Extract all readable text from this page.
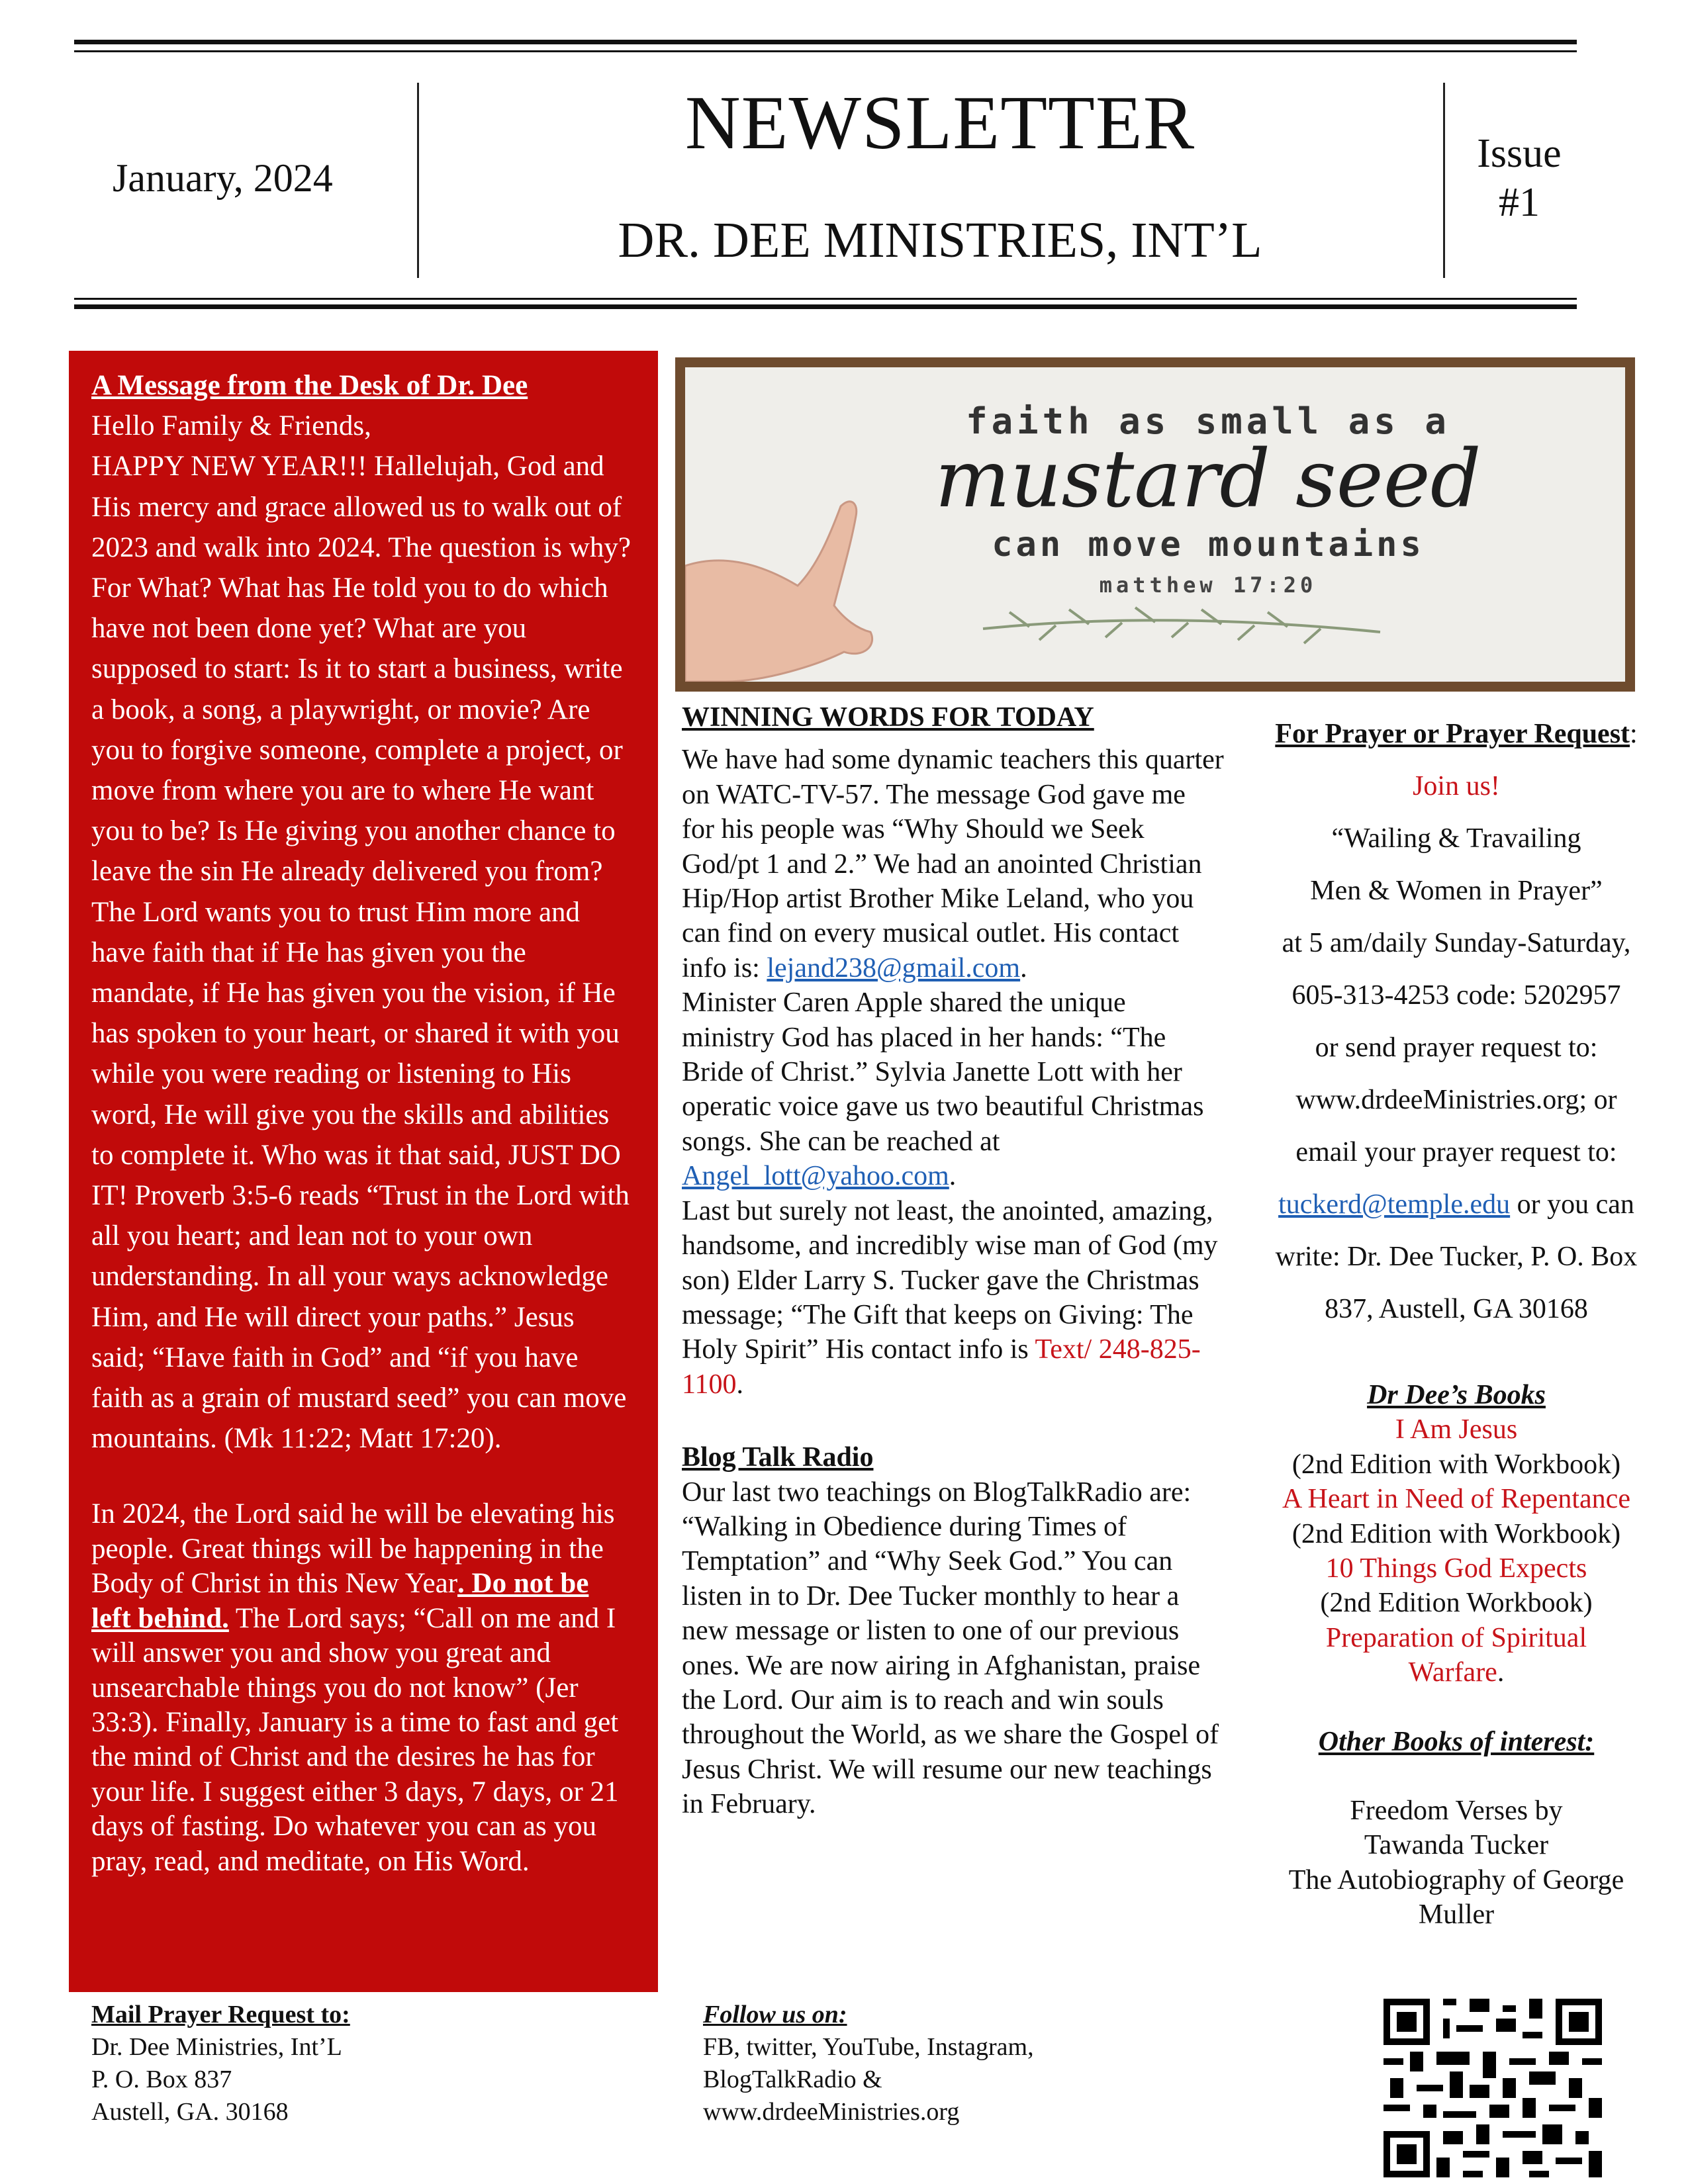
January, 2024
NEWSLETTER
DR. DEE MINISTRIES, INT’L
Issue
#1
A Message from the Desk of Dr. Dee

Hello Family & Friends,
HAPPY NEW YEAR!!! Hallelujah, God and His mercy and grace allowed us to walk out of 2023 and walk into 2024. The question is why? For What? What has He told you to do which have not been done yet? What are you supposed to start: Is it to start a business, write a book, a song, a playwright, or movie? Are you to forgive someone, complete a project, or move from where you are to where He want you to be? Is He giving you another chance to leave the sin He already delivered you from? The Lord wants you to trust Him more and have faith that if He has given you the mandate, if He has given you the vision, if He has spoken to your heart, or shared it with you while you were reading or listening to His word, He will give you the skills and abilities to complete it. Who was it that said, JUST DO IT! Proverb 3:5-6 reads “Trust in the Lord with all you heart; and lean not to your own understanding. In all your ways acknowledge Him, and He will direct your paths.” Jesus said; “Have faith in God” and “if you have faith as a grain of mustard seed” you can move mountains. (Mk 11:22; Matt 17:20).

In 2024, the Lord said he will be elevating his people. Great things will be happening in the Body of Christ in this New Year. Do not be left behind. The Lord says; “Call on me and I will answer you and show you great and unsearchable things you do not know” (Jer 33:3). Finally, January is a time to fast and get the mind of Christ and the desires he has for your life. I suggest either 3 days, 7 days, or 21 days of fasting. Do whatever you can as you pray, read, and meditate, on His Word.

faith as small as a
mustard seed
can move mountains
matthew 17:20
WINNING WORDS FOR TODAY

We have had some dynamic teachers this quarter on WATC-TV-57. The message God gave me for his people was “Why Should we Seek God/pt 1 and 2.” We had an anointed Christian Hip/Hop artist Brother Mike Leland, who you can find on every musical outlet. His contact info is: lejand238@gmail.com.
Minister Caren Apple shared the unique ministry God has placed in her hands: “The Bride of Christ.” Sylvia Janette Lott with her operatic voice gave us two beautiful Christmas songs. She can be reached at Angel_lott@yahoo.com.
Last but surely not least, the anointed, amazing, handsome, and incredibly wise man of God (my son) Elder Larry S. Tucker gave the Christmas message; “The Gift that keeps on Giving: The Holy Spirit” His contact info is Text/ 248-825-1100.

Blog Talk Radio

Our last two teachings on BlogTalkRadio are: “Walking in Obedience during Times of Temptation” and “Why Seek God.” You can listen in to Dr. Dee Tucker monthly to hear a new message or listen to one of our previous ones. We are now airing in Afghanistan, praise the Lord. Our aim is to reach and win souls throughout the World, as we share the Gospel of Jesus Christ. We will resume our new teachings in February.

For Prayer or Prayer Request:
Join us!
“Wailing & Travailing
Men & Women in Prayer”
at 5 am/daily Sunday-Saturday,
605-313-4253 code: 5202957
or send prayer request to:
www.drdeeMinistries.org; or
email your prayer request to:
tuckerd@temple.edu or you can
write: Dr. Dee Tucker, P. O. Box
837, Austell, GA 30168
Dr Dee’s Books
I Am Jesus
(2nd Edition with Workbook)
A Heart in Need of Repentance
(2nd Edition with Workbook)
10 Things God Expects
(2nd Edition Workbook)
Preparation of Spiritual
Warfare.
Other Books of interest:
Freedom Verses by
Tawanda Tucker
The Autobiography of George
Muller
Mail Prayer Request to:
Dr. Dee Ministries, Int’L
P. O. Box 837
Austell, GA. 30168
Follow us on:
FB, twitter, YouTube, Instagram,
BlogTalkRadio &
www.drdeeMinistries.org
